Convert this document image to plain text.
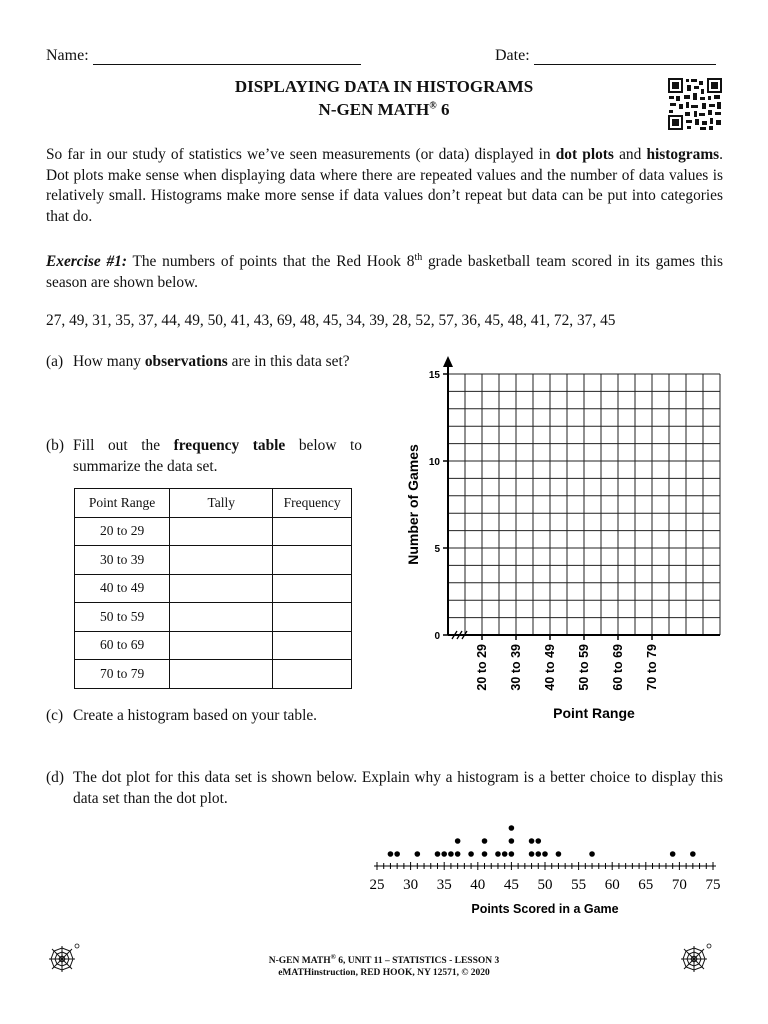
Name:	Date:
DISPLAYING DATA IN HISTOGRAMS
N-GEN MATH® 6
So far in our study of statistics we’ve seen measurements (or data) displayed in dot plots and histograms. Dot plots make sense when displaying data where there are repeated values and the number of data values is relatively small. Histograms make more sense if data values don’t repeat but data can be put into categories that do.
Exercise #1: The numbers of points that the Red Hook 8th grade basketball team scored in its games this season are shown below.
27, 49, 31, 35, 37, 44, 49, 50, 41, 43, 69, 48, 45, 34, 39, 28, 52, 57, 36, 45, 48, 41, 72, 37, 45
(a) How many observations are in this data set?
(b) Fill out the frequency table below to summarize the data set.
Point Range	Tally	Frequency
20 to 29		
30 to 39		
40 to 49		
50 to 59		
60 to 69		
70 to 79		
(c) Create a histogram based on your table.
0
5
10
15
Number of Games
20 to 29 30 to 39 40 to 49 50 to 59 60 to 69 70 to 79
Point Range
(d) The dot plot for this data set is shown below. Explain why a histogram is a better choice to display this data set than the dot plot.
25 30 35 40 45 50 55 60 65 70 75
Points Scored in a Game
N-GEN MATH® 6, UNIT 11 – STATISTICS - LESSON 3
eMATHinstruction, RED HOOK, NY 12571, © 2020
